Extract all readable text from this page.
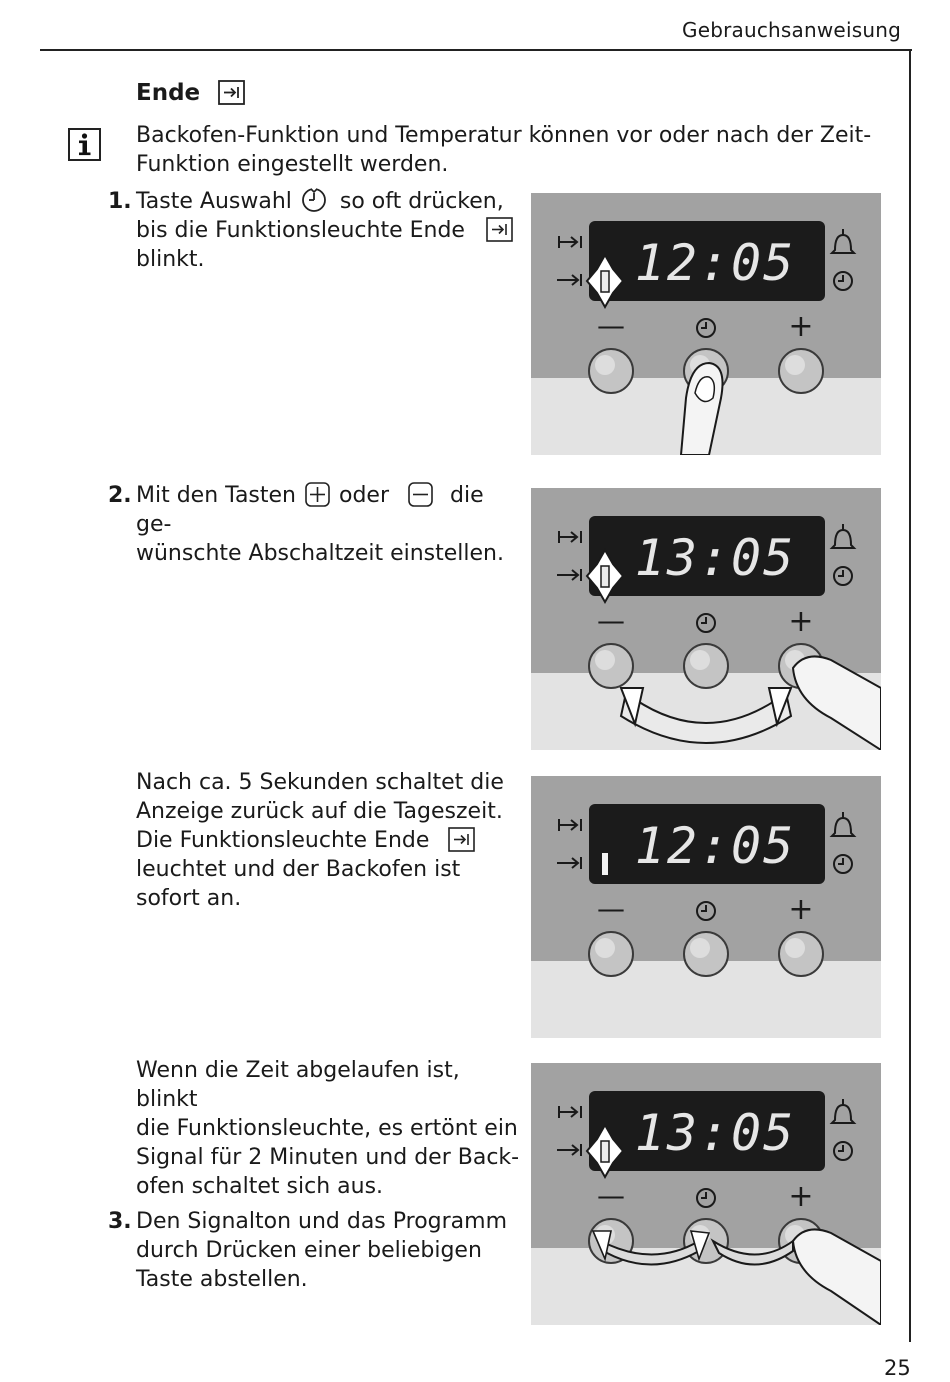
Gebrauchsanweisung
25
Ende
Backofen-Funktion und Temperatur können vor oder nach der Zeit-
Funktion eingestellt werden.
1. Taste Auswahl so oft drücken,
bis die Funktionsleuchte Ende
blinkt.
2. Mit den Tasten oder	die ge-
wünschte Abschaltzeit einstellen.
Nach ca. 5 Sekunden schaltet die
Anzeige zurück auf die Tageszeit.
Die Funktionsleuchte Ende
leuchtet und der Backofen ist
sofort an.
Wenn die Zeit abgelaufen ist, blinkt
die Funktionsleuchte, es ertönt ein
Signal für 2 Minuten und der Back-
ofen schaltet sich aus.
3. Den Signalton und das Programm
durch Drücken einer beliebigen
Taste abstellen.
12:05
—	+
13:05
—	+
12:05
—	+
13:05
—	+
